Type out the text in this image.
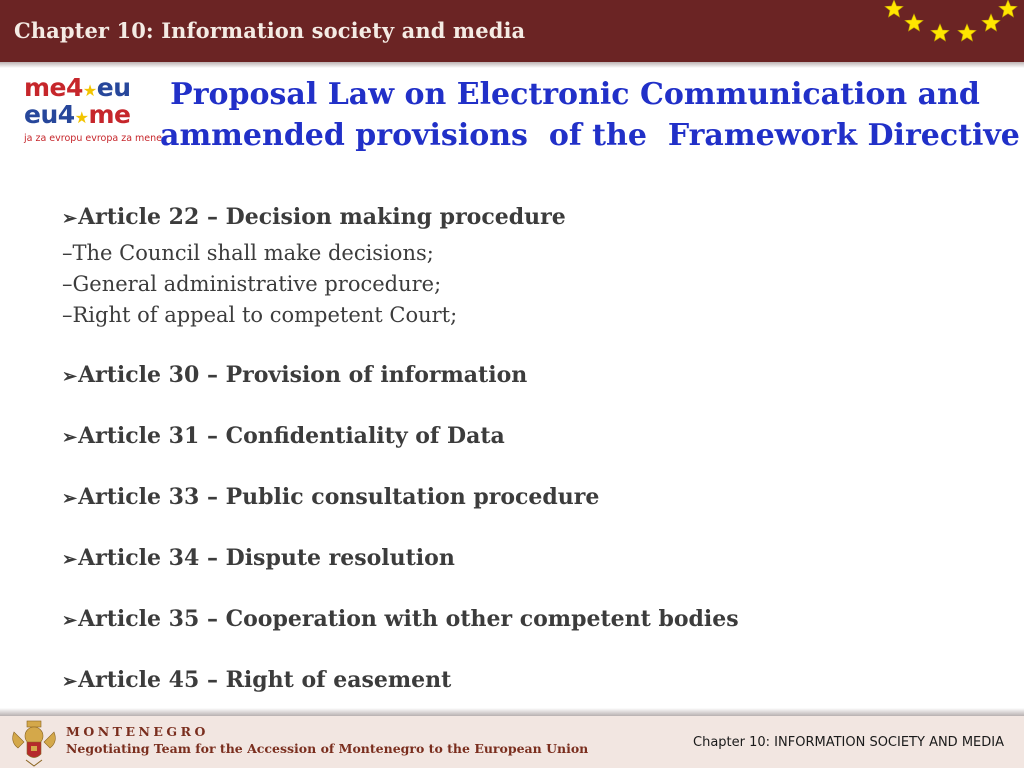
Chapter 10: Information society and media
me4★eu
eu4★me
ja za evropu evropa za mene
Proposal Law on Electronic Communication and
ammended provisions  of the  Framework Directive
➢Article 22 – Decision making procedure
–The Council shall make decisions;
–General administrative procedure;
–Right of appeal to competent Court;
➢Article 30 – Provision of information
➢Article 31 – Confidentiality of Data
➢Article 33 – Public consultation procedure
➢Article 34 – Dispute resolution
➢Article 35 – Cooperation with other competent bodies
➢Article 45 – Right of easement
MONTENEGRO
Negotiating Team for the Accession of Montenegro to the European Union	Chapter 10: INFORMATION SOCIETY AND MEDIA
